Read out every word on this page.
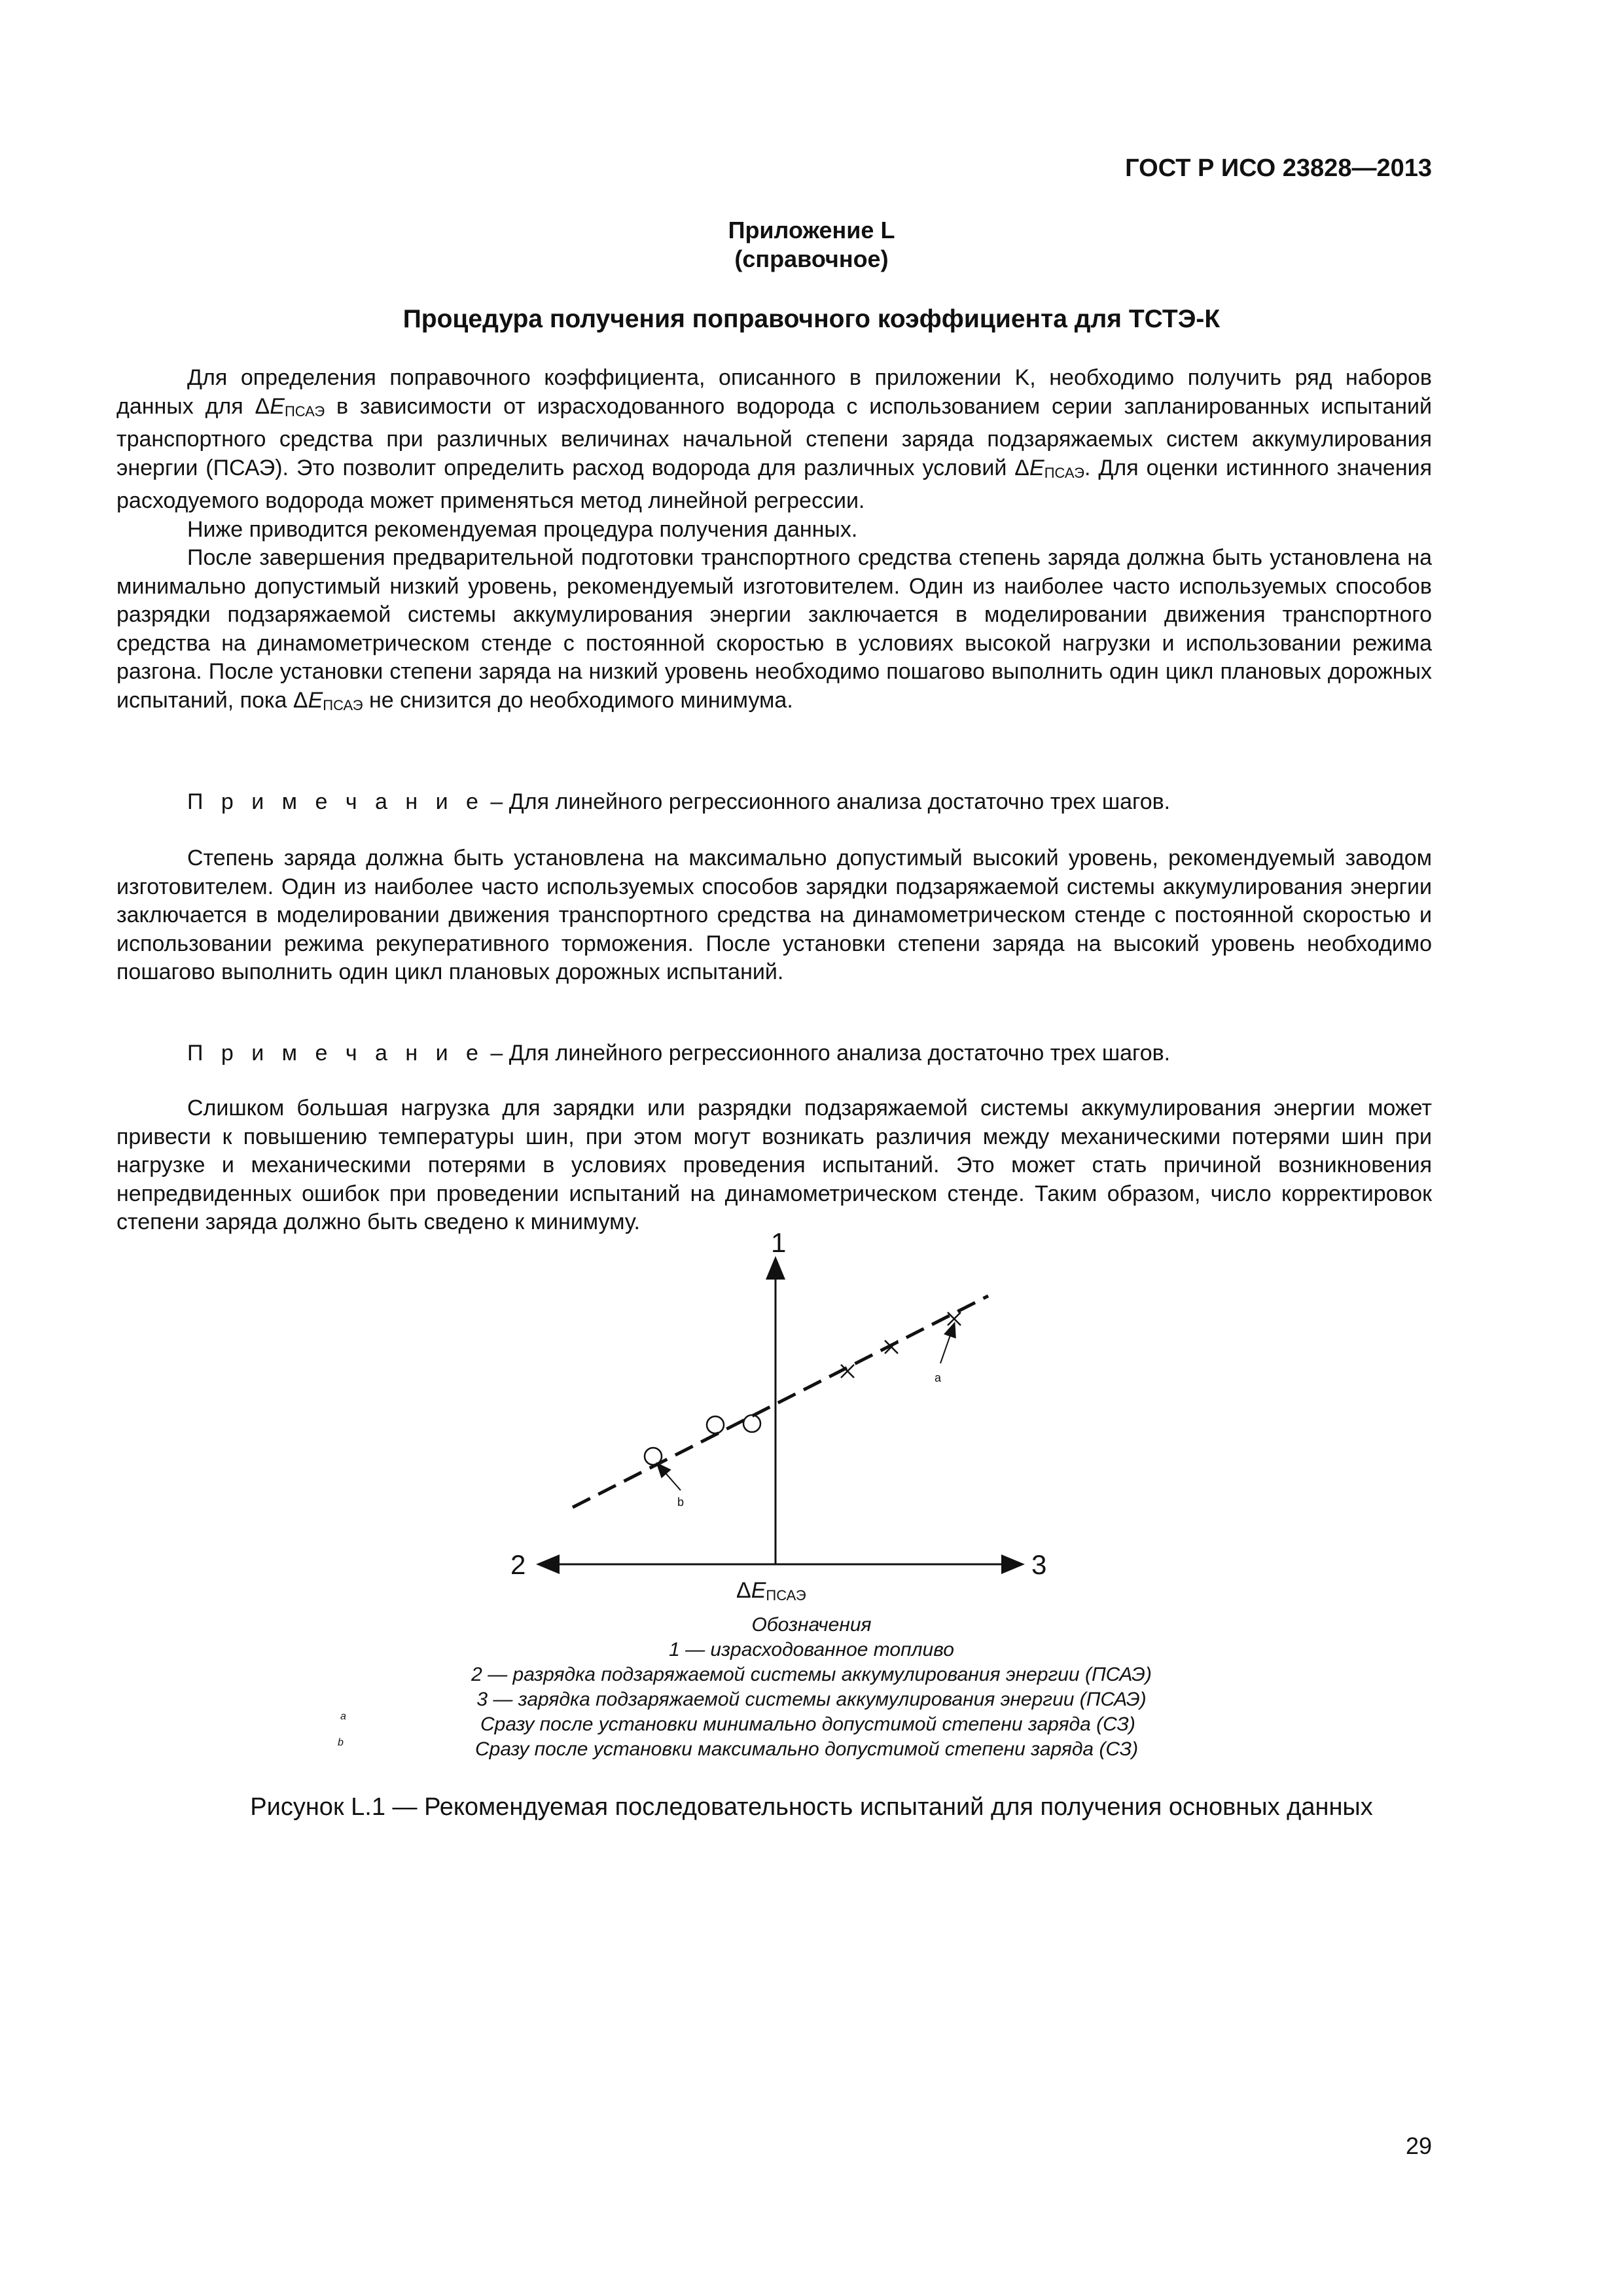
ГОСТ Р ИСО 23828—2013
Приложение L
(справочное)
Процедура получения поправочного коэффициента для ТСТЭ-К

Для определения поправочного коэффициента, описанного в приложении K, необходимо получить ряд наборов данных для $\Delta E_{ПСАЭ}$ в зависимости от израсходованного водорода с использованием серии запланированных испытаний транспортного средства при различных величинах начальной степени заряда подзаряжаемых систем аккумулирования энергии (ПСАЭ). Это позволит определить расход водорода для различных условий $\Delta E_{ПСАЭ}$. Для оценки истинного значения расходуемого водорода может применяться метод линейной регрессии.

Ниже приводится рекомендуемая процедура получения данных.

После завершения предварительной подготовки транспортного средства степень заряда должна быть установлена на минимально допустимый низкий уровень, рекомендуемый изготовителем. Один из наиболее часто используемых способов разрядки подзаряжаемой системы аккумулирования энергии заключается в моделировании движения транспортного средства на динамометрическом стенде с постоянной скоростью в условиях высокой нагрузки и использовании режима разгона. После установки степени заряда на низкий уровень необходимо пошагово выполнить один цикл плановых дорожных испытаний, пока $\Delta E_{ПСАЭ}$ не снизится до необходимого минимума.

П р и м е ч а н и е – Для линейного регрессионного анализа достаточно трех шагов.

Степень заряда должна быть установлена на максимально допустимый высокий уровень, рекомендуемый заводом изготовителем. Один из наиболее часто используемых способов зарядки подзаряжаемой системы аккумулирования энергии заключается в моделировании движения транспортного средства на динамометрическом стенде с постоянной скоростью и использовании режима рекуперативного торможения. После установки степени заряда на высокий уровень необходимо пошагово выполнить один цикл плановых дорожных испытаний.

П р и м е ч а н и е – Для линейного регрессионного анализа достаточно трех шагов.

Слишком большая нагрузка для зарядки или разрядки подзаряжаемой системы аккумулирования энергии может привести к повышению температуры шин, при этом могут возникать различия между механическими потерями шин при нагрузке и механическими потерями в условиях проведения испытаний. Это может стать причиной возникновения непредвиденных ошибок при проведении испытаний на динамометрическом стенде. Таким образом, число корректировок степени заряда должно быть сведено к минимуму.

1
2	3
a
b
$\Delta E_{ПСАЭ}$
Обозначения
1 — израсходованное топливо
2 — разрядка подзаряжаемой системы аккумулирования энергии (ПСАЭ)
3 — зарядка подзаряжаемой системы аккумулирования энергии (ПСАЭ)
a	Сразу после установки минимально допустимой степени заряда (СЗ)
b	Сразу после установки максимально допустимой степени заряда (СЗ)
Рисунок L.1 — Рекомендуемая последовательность испытаний для получения основных данных
29
